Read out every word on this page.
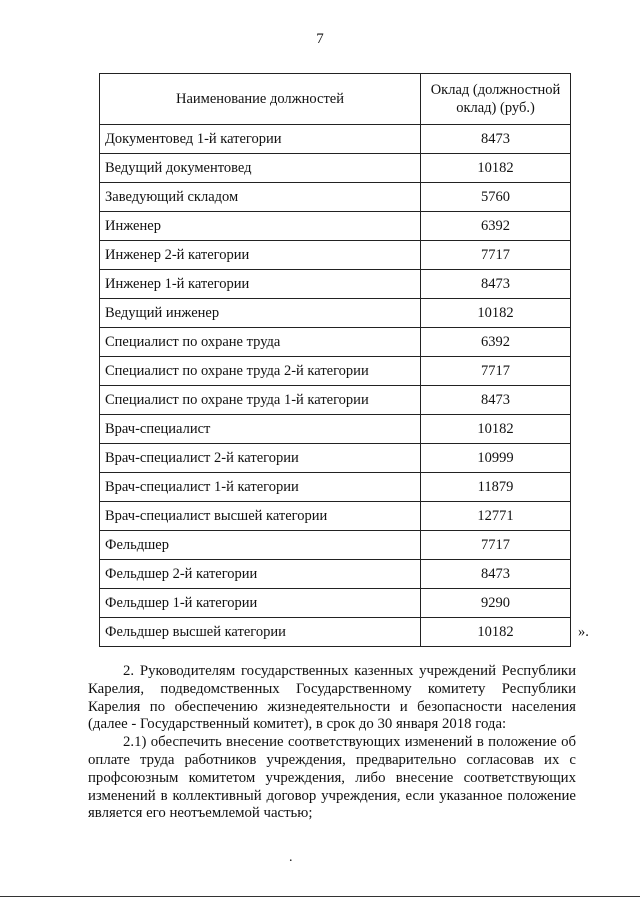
7
Наименование должностей	Оклад (должностной
оклад) (руб.)
Документовед 1-й категории	8473
Ведущий документовед	10182
Заведующий складом	5760
Инженер	6392
Инженер 2-й категории	7717
Инженер 1-й категории	8473
Ведущий инженер	10182
Специалист по охране труда	6392
Специалист по охране труда 2-й категории	7717
Специалист по охране труда 1-й категории	8473
Врач-специалист	10182
Врач-специалист 2-й категории	10999
Врач-специалист 1-й категории	11879
Врач-специалист высшей категории	12771
Фельдшер	7717
Фельдшер 2-й категории	8473
Фельдшер 1-й категории	9290
Фельдшер высшей категории	10182	».

2. Руководителям государственных казенных учреждений Республики Карелия, подведомственных Государственному комитету Республики Карелия по обеспечению жизнедеятельности и безопасности населения (далее - Государственный комитет), в срок до 30 января 2018 года:

2.1) обеспечить внесение соответствующих изменений в положение об оплате труда работников учреждения, предварительно согласовав их с профсоюзным комитетом учреждения, либо внесение соответствующих изменений в коллективный договор учреждения, если указанное положение является его неотъемлемой частью;

.
